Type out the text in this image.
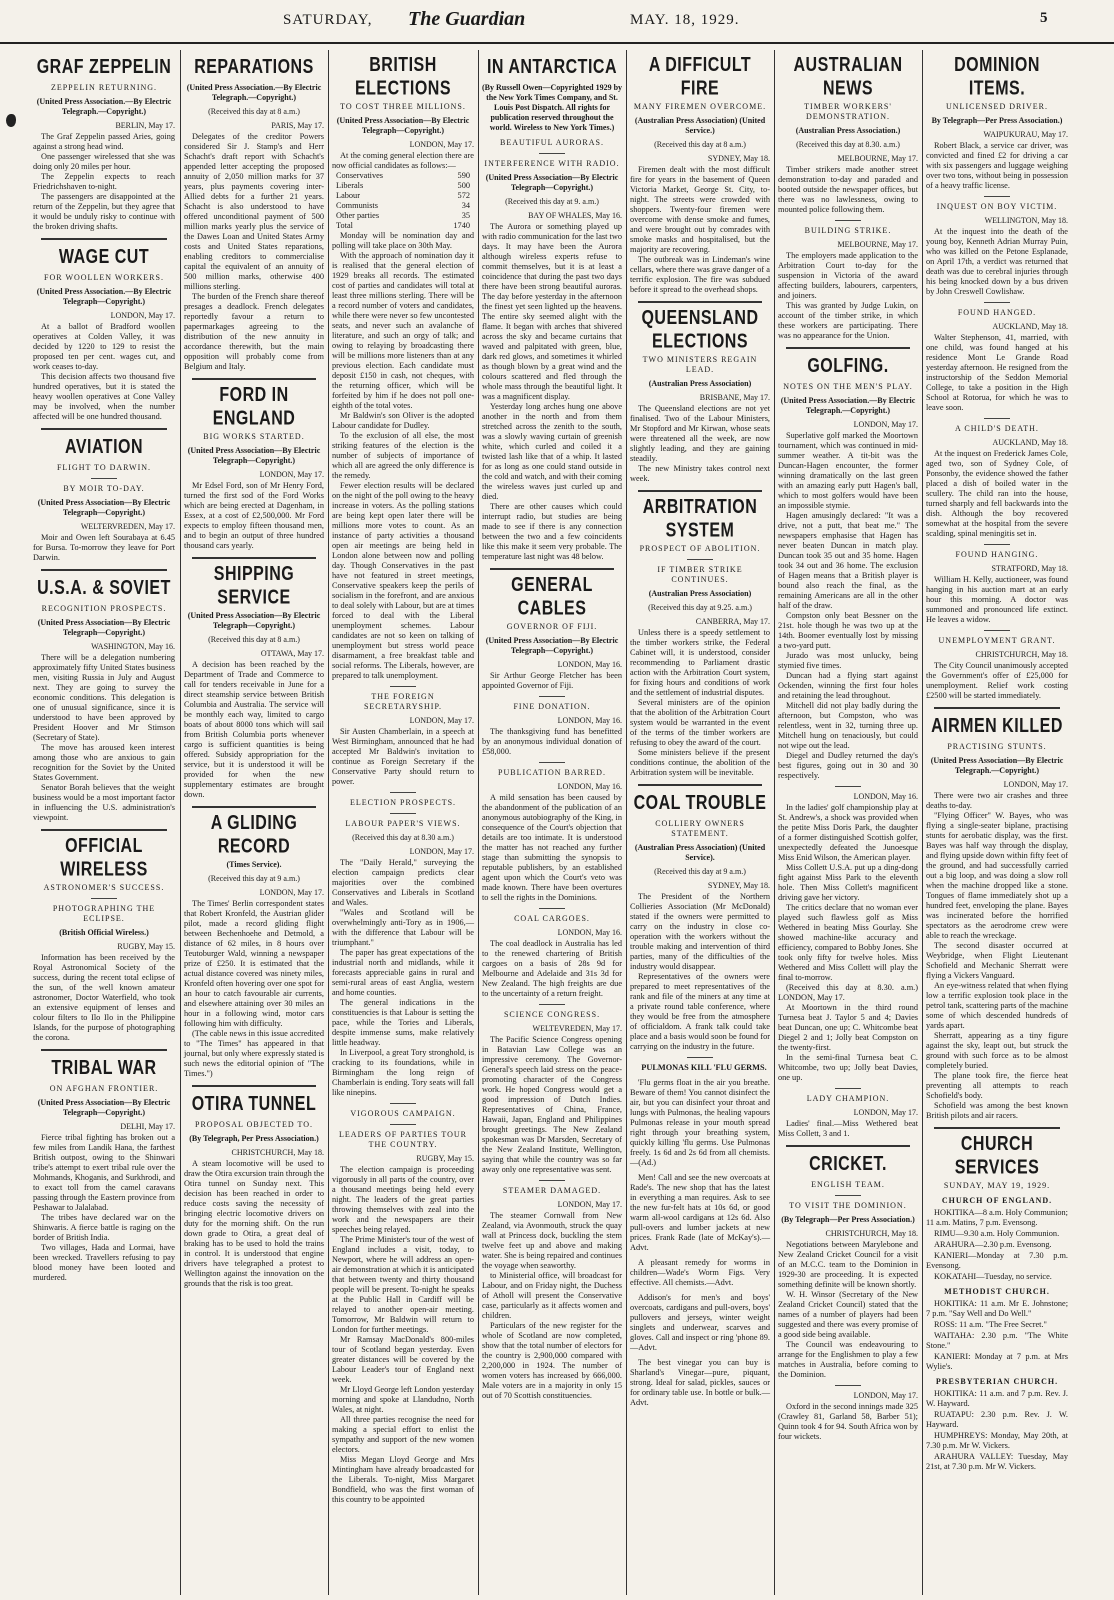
SATURDAY, The Guardian	MAY. 18, 1929.	5
GRAF ZEPPELIN
ZEPPELIN RETURNING.
(United Press Association.—By Electric Telegraph.—Copyright.)
BERLIN, May 17.

The Graf Zeppelin passed Aries, going against a strong head wind.

One passenger wirelessed that she was doing only 20 miles per hour.

The Zeppelin expects to reach Friedrichshaven to-night.

The passengers are disappointed at the return of the Zeppelin, but they agree that it would be unduly risky to continue with the broken driving shafts.

WAGE CUT
FOR WOOLLEN WORKERS.
(United Press Association.—By Electric Telegraph—Copyright.)
LONDON, May 17.

At a ballot of Bradford woollen operatives at Colden Valley, it was decided by 1220 to 129 to resist the proposed ten per cent. wages cut, and work ceases to-day.

This decision affects two thousand five hundred operatives, but it is stated the heavy woollen operatives at Cone Valley may be involved, when the number affected will be one hundred thousand.

AVIATION
FLIGHT TO DARWIN.
BY MOIR TO-DAY.
(United Press Association—By Electric Telegraph—Copyright.)
WELTERVREDEN, May 17.

Moir and Owen left Sourabaya at 6.45 for Bursa. To-morrow they leave for Port Darwin.

U.S.A. & SOVIET
RECOGNITION PROSPECTS.
(United Press Association—By Electric Telegraph—Copyright.)
WASHINGTON, May 16.

There will be a delegation numbering approximately fifty United States business men, visiting Russia in July and August next. They are going to survey the economic conditions. This delegation is one of unusual significance, since it is understood to have been approved by President Hoover and Mr Stimson (Secretary of State).

The move has aroused keen interest among those who are anxious to gain recognition for the Soviet by the United States Government.

Senator Borah believes that the weight business would be a most important factor in influencing the U.S. administration's viewpoint.

OFFICIAL WIRELESS
ASTRONOMER'S SUCCESS.
PHOTOGRAPHING THE ECLIPSE.
(British Official Wireless.)
RUGBY, May 15.

Information has been received by the Royal Astronomical Society of the success, during the recent total eclipse of the sun, of the well known amateur astronomer, Doctor Waterfield, who took an extensive equipment of lenses and colour filters to Ilo Ilo in the Philippine Islands, for the purpose of photographing the corona.

TRIBAL WAR
ON AFGHAN FRONTIER.
(United Press Association—By Electric Telegraph—Copyright.)
DELHI, May 17.

Fierce tribal fighting has broken out a few miles from Landik Hana, the farthest British outpost, owing to the Shinwari tribe's attempt to exert tribal rule over the Mohmands, Khoganis, and Surkhrodi, and to exact toll from the camel caravans passing through the Eastern province from Peshawar to Jalalabad.

The tribes have declared war on the Shinwaris. A fierce battle is raging on the border of British India.

Two villages, Hada and Lormai, have been wrecked. Travellers refusing to pay blood money have been looted and murdered.

REPARATIONS
(United Press Association.—By Electric Telegraph.—Copyright.)
(Received this day at 8 a.m.)
PARIS, May 17.

Delegates of the creditor Powers considered Sir J. Stamp's and Herr Schacht's draft report with Schacht's appended letter accepting the proposed annuity of 2,050 million marks for 37 years, plus payments covering inter-Allied debts for a further 21 years. Schacht is also understood to have offered unconditional payment of 500 million marks yearly plus the service of the Dawes Loan and United States Army costs and United States reparations, enabling creditors to commercialise capital the equivalent of an annuity of 500 million marks, otherwise 400 millions sterling.

The burden of the French share thereof presages a deadlock. French delegates reportedly favour a return to papermarkages agreeing to the distribution of the new annuity in accordance therewith, but the main opposition will probably come from Belgium and Italy.

FORD IN ENGLAND
BIG WORKS STARTED.
(United Press Association—By Electric Telegraph—Copyright.)
LONDON, May 17.

Mr Edsel Ford, son of Mr Henry Ford, turned the first sod of the Ford Works which are being erected at Dagenham, in Essex, at a cost of £2,500,000. Mr Ford expects to employ fifteen thousand men, and to begin an output of three hundred thousand cars yearly.

SHIPPING SERVICE
(United Press Association—By Electric Telegraph—Copyright.)
(Received this day at 8 a.m.)
OTTAWA, May 17.

A decision has been reached by the Department of Trade and Commerce to call for tenders receivable in June for a direct steamship service between British Columbia and Australia. The service will be monthly each way, limited to cargo boats of about 8000 tons which will sail from British Columbia ports whenever cargo is sufficient quantities is being offered. Subsidy appropriation for the service, but it is understood it will be provided for when the new supplementary estimates are brought down.

A GLIDING RECORD
(Times Service).
(Received this day at 9 a.m.)
LONDON, May 17.

The Times' Berlin correspondent states that Robert Kronfeld, the Austrian glider pilot, made a record gliding flight between Bechenhoehe and Detmold, a distance of 62 miles, in 8 hours over Teutoburger Wald, winning a newspaper prize of £250. It is estimated that the actual distance covered was ninety miles, Kronfeld often hovering over one spot for an hour to catch favourable air currents, and elsewhere attaining over 30 miles an hour in a following wind, motor cars following him with difficulty.

(The cable news in this issue accredited to "The Times" has appeared in that journal, but only where expressly stated is such news the editorial opinion of "The Times.")

OTIRA TUNNEL
PROPOSAL OBJECTED TO.
(By Telegraph, Per Press Association.)
CHRISTCHURCH, May 18.

A steam locomotive will be used to draw the Otira excursion train through the Otira tunnel on Sunday next. This decision has been reached in order to reduce costs saving the necessity of bringing electric locomotive drivers on duty for the morning shift. On the run down grade to Otira, a great deal of braking has to be used to hold the trains in control. It is understood that engine drivers have telegraphed a protest to Wellington against the innovation on the grounds that the risk is too great.

BRITISH ELECTIONS
TO COST THREE MILLIONS.
(United Press Association—By Electric Telegraph—Copyright.)
LONDON, May 17.

At the coming general election there are now official candidates as follows:—

Conservatives	590
Liberals	500
Labour	572
Communists	34
Other parties	35
Total	1740

Monday will be nomination day and polling will take place on 30th May.

With the approach of nomination day it is realised that the general election of 1929 breaks all records. The estimated cost of parties and candidates will total at least three millions sterling. There will be a record number of voters and candidates, while there were never so few uncontested seats, and never such an avalanche of literature, and such an orgy of talk; and owing to relaying by broadcasting there will be millions more listeners than at any previous election. Each candidate must deposit £150 in cash, not cheques, with the returning officer, which will be forfeited by him if he does not poll one-eighth of the total votes.

Mr Baldwin's son Oliver is the adopted Labour candidate for Dudley.

To the exclusion of all else, the most striking features of the election is the number of subjects of importance of which all are agreed the only difference is the remedy.

Fewer election results will be declared on the night of the poll owing to the heavy increase in voters. As the polling stations are being kept open later there will be millions more votes to count. As an instance of party activities a thousand open air meetings are being held in London alone between now and polling day. Though Conservatives in the past have not featured in street meetings, Conservative speakers keep the perils of socialism in the forefront, and are anxious to deal solely with Labour, but are at times forced to deal with the Liberal unemployment schemes. Labour candidates are not so keen on talking of unemployment but stress world peace disarmament, a free breakfast table and social reforms. The Liberals, however, are prepared to talk unemployment.

THE FOREIGN SECRETARYSHIP.
LONDON, May 17.

Sir Austen Chamberlain, in a speech at West Birmingham, announced that he had accepted Mr Baldwin's invitation to continue as Foreign Secretary if the Conservative Party should return to power.

ELECTION PROSPECTS.
LABOUR PAPER'S VIEWS.
(Received this day at 8.30 a.m.)
LONDON, May 17.

The "Daily Herald," surveying the election campaign predicts clear majorities over the combined Conservatives and Liberals in Scotland and Wales.

"Wales and Scotland will be overwhelmingly anti-Tory as in 1906,—with the difference that Labour will be triumphant."

The paper has great expectations of the industrial north and midlands, while it forecasts appreciable gains in rural and semi-rural areas of east Anglia, western and home counties.

The general indications in the constituencies is that Labour is setting the pace, while the Tories and Liberals, despite immense sums, make relatively little headway.

In Liverpool, a great Tory stronghold, is cracking to its foundations, while in Birmingham the long reign of Chamberlain is ending. Tory seats will fall like ninepins.

VIGOROUS CAMPAIGN.
LEADERS OF PARTIES TOUR THE COUNTRY.
RUGBY, May 15.

The election campaign is proceeding vigorously in all parts of the country, over a thousand meetings being held every night. The leaders of the great parties throwing themselves with zeal into the work and the newspapers are their speeches being relayed.

The Prime Minister's tour of the west of England includes a visit, today, to Newport, where he will address an open-air demonstration at which it is anticipated that between twenty and thirty thousand people will be present. To-night he speaks at the Public Hall in Cardiff will be relayed to another open-air meeting. Tomorrow, Mr Baldwin will return to London for further meetings.

Mr Ramsay MacDonald's 800-miles tour of Scotland began yesterday. Even greater distances will be covered by the Labour Leader's tour of England next week.

Mr Lloyd George left London yesterday morning and spoke at Llandudno, North Wales, at night.

All three parties recognise the need for making a special effort to enlist the sympathy and support of the new women electors.

Miss Megan Lloyd George and Mrs Mintingham have already broadcasted for the Liberals. To-night, Miss Margaret Bondfield, who was the first woman of this country to be appointed

IN ANTARCTICA
(By Russell Owen—Copyrighted 1929 by the New York Times Company, and St. Louis Post Dispatch. All rights for publication reserved throughout the world. Wireless to New York Times.)
BEAUTIFUL AURORAS.
INTERFERENCE WITH RADIO.
(United Press Association—By Electric Telegraph—Copyright.)
(Received this day at 9. a.m.)
BAY OF WHALES, May 16.

The Aurora or something played up with radio communication for the last two days. It may have been the Aurora although wireless experts refuse to commit themselves, but it is at least a coincidence that during the past two days there have been strong beautiful auroras. The day before yesterday in the afternoon the finest yet seen lighted up the heavens. The entire sky seemed alight with the flame. It began with arches that shivered across the sky and became curtains that waved and palpitated with green, blue, dark red glows, and sometimes it whirled as though blown by a great wind and the colours scattered and fled through the whole mass through the beautiful light. It was a magnificent display.

Yesterday long arches hung one above another in the north and from them stretched across the zenith to the south, was a slowly waving curtain of greenish white, which curled and coiled it a twisted lash like that of a whip. It lasted for as long as one could stand outside in the cold and watch, and with their coming the wireless waves just curled up and died.

There are other causes which could interrupt radio, but studies are being made to see if there is any connection between the two and a few coincidents like this make it seem very probable. The temperature last night was 48 below.

GENERAL CABLES
GOVERNOR OF FIJI.
(United Press Association—By Electric Telegraph—Copyright.)
LONDON, May 16.

Sir Arthur George Fletcher has been appointed Governor of Fiji.

FINE DONATION.
LONDON, May 16.

The thanksgiving fund has benefitted by an anonymous individual donation of £58,000.

PUBLICATION BARRED.
LONDON, May 16.

A mild sensation has been caused by the abandonment of the publication of an anonymous autobiography of the King, in consequence of the Court's objection that details are too intimate. It is understood the matter has not reached any further stage than submitting the synopsis to reputable publishers, by an established agent upon which the Court's veto was made known. There have been overtures to sell the rights in the Dominions.

COAL CARGOES.
LONDON, May 16.

The coal deadlock in Australia has led to the renewed chartering of British cargoes on a basis of 28s 9d for Melbourne and Adelaide and 31s 3d for New Zealand. The high freights are due to the uncertainty of a return freight.

SCIENCE CONGRESS.
WELTEVREDEN, May 17.

The Pacific Science Congress opening in Batavian Law College was an impressive ceremony. The Governor-General's speech laid stress on the peace-promoting character of the Congress work. He hoped Congress would get a good impression of Dutch Indies. Representatives of China, France, Hawaii, Japan, England and Philippines brought greetings. The New Zealand spokesman was Dr Marsden, Secretary of the New Zealand Institute, Wellington, saying that while the country was so far away only one representative was sent.

STEAMER DAMAGED.
LONDON, May 17.

The steamer Cornwall from New Zealand, via Avonmouth, struck the quay wall at Princess dock, buckling the stem twelve feet up and above and making water. She is being repaired and continues the voyage when seaworthy.

to Ministerial office, will broadcast for Labour, and on Friday night, the Duchess of Atholl will present the Conservative case, particularly as it affects women and children.

Particulars of the new register for the whole of Scotland are now completed, show that the total number of electors for the country is 2,900,000 compared with 2,200,000 in 1924. The number of women voters has increased by 666,000. Male voters are in a majority in only 15 out of 70 Scottish constituencies.

A DIFFICULT FIRE
MANY FIREMEN OVERCOME.
(Australian Press Association) (United Service.)
(Received this day at 8 a.m.)
SYDNEY, May 18.

Firemen dealt with the most difficult fire for years in the basement of Queen Victoria Market, George St. City, to-night. The streets were crowded with shoppers. Twenty-four firemen were overcome with dense smoke and fumes, and were brought out by comrades with smoke masks and hospitalised, but the majority are recovering.

The outbreak was in Lindeman's wine cellars, where there was grave danger of a terrific explosion. The fire was subdued before it spread to the overhead shops.

QUEENSLAND ELECTIONS
TWO MINISTERS REGAIN LEAD.
(Australian Press Association)
BRISBANE, May 17.

The Queensland elections are not yet finalised. Two of the Labour Ministers, Mr Stopford and Mr Kirwan, whose seats were threatened all the week, are now slightly leading, and they are gaining steadily.

The new Ministry takes control next week.

ARBITRATION SYSTEM
PROSPECT OF ABOLITION.
IF TIMBER STRIKE CONTINUES.
(Australian Press Association)
(Received this day at 9.25. a.m.)
CANBERRA, May 17.

Unless there is a speedy settlement to the timber workers strike, the Federal Cabinet will, it is understood, consider recommending to Parliament drastic action with the Arbitration Court system, for fixing hours and conditions of work and the settlement of industrial disputes.

Several ministers are of the opinion that the abolition of the Arbitration Court system would be warranted in the event of the terms of the timber workers are refusing to obey the award of the court.

Some ministers believe if the present conditions continue, the abolition of the Arbitration system will be inevitable.

COAL TROUBLE
COLLIERY OWNERS STATEMENT.
(Australian Press Association) (United Service).
(Received this day at 9 a.m.)
SYDNEY, May 18.

The President of the Northern Collieries Association (Mr McDonald) stated if the owners were permitted to carry on the industry in close co-operation with the workers without the trouble making and intervention of third parties, many of the difficulties of the industry would disappear.

Representatives of the owners were prepared to meet representatives of the rank and file of the miners at any time at a private round table conference, where they would be free from the atmosphere of officialdom. A frank talk could take place and a basis would soon be found for carrying on the industry in the future.

PULMONAS KILL 'FLU GERMS.

'Flu germs float in the air you breathe. Beware of them! You cannot disinfect the air, but you can disinfect your throat and lungs with Pulmonas, the healing vapours Pulmonas release in your mouth spread right through your breathing system, quickly killing 'flu germs. Use Pulmonas freely. 1s 6d and 2s 6d from all chemists.—(Ad.)

Men! Call and see the new overcoats at Rade's. The new shop that has the latest in everything a man requires. Ask to see the new fur-felt hats at 10s 6d, or good warm all-wool cardigans at 12s 6d. Also pull-overs and lumber jackets at new prices. Frank Rade (late of McKay's).—Advt.

A pleasant remedy for worms in children—Wade's Worm Figs. Very effective. All chemists.—Advt.

Addison's for men's and boys' overcoats, cardigans and pull-overs, boys' pullovers and jerseys, winter weight singlets and underwear, scarves and gloves. Call and inspect or ring 'phone 89.—Advt.

The best vinegar you can buy is Sharland's Vinegar—pure, piquant, strong. Ideal for salad, pickles, sauces or for ordinary table use. In bottle or bulk.—Advt.

AUSTRALIAN NEWS
TIMBER WORKERS' DEMONSTRATION.
(Australian Press Association.)
(Received this day at 8.30. a.m.)
MELBOURNE, May 17.

Timber strikers made another street demonstration to-day and paraded and booted outside the newspaper offices, but there was no lawlessness, owing to mounted police following them.

BUILDING STRIKE.
MELBOURNE, May 17.

The employers made application to the Arbitration Court to-day for the suspension in Victoria of the award affecting builders, labourers, carpenters, and joiners.

This was granted by Judge Lukin, on account of the timber strike, in which these workers are participating. There was no appearance for the Union.

GOLFING.
NOTES ON THE MEN'S PLAY.
(United Press Association.—By Electric Telegraph.—Copyright.)
LONDON, May 17.

Superlative golf marked the Moortown tournament, which was continued in mid-summer weather. A tit-bit was the Duncan-Hagen encounter, the former winning dramatically on the last green with an amazing early putt Hagen's ball, which to most golfers would have been an impossible stymie.

Hagen amusingly declared: "It was a drive, not a putt, that beat me." The newspapers emphasise that Hagen has never beaten Duncan in match play. Duncan took 35 out and 35 home. Hagen took 34 out and 36 home. The exclusion of Hagen means that a British player is bound also reach the final, as the remaining Americans are all in the other half of the draw.

Compston only beat Bessner on the 21st. hole though he was two up at the 14th. Boomer eventually lost by missing a two-yard putt.

Jurado was most unlucky, being stymied five times.

Duncan had a flying start against Ockenden, winning the first four holes and retaining the lead throughout.

Mitchell did not play badly during the afternoon, but Compston, who was relentless, went in 32, turning three up. Mitchell hung on tenaciously, but could not wipe out the lead.

Diegel and Dudley returned the day's best figures, going out in 30 and 30 respectively.

LONDON, May 16.

In the ladies' golf championship play at St. Andrew's, a shock was provided when the petite Miss Doris Park, the daughter of a former distinguished Scottish golfer, unexpectedly defeated the Junoesque Miss Enid Wilson, the American player.

Miss Collett U.S.A. put up a ding-dong fight against Miss Park to the eleventh hole. Then Miss Collett's magnificent driving gave her victory.

The critics declare that no woman ever played such flawless golf as Miss Wethered in beating Miss Gourlay. She showed machine-like accuracy and efficiency, compared to Bobby Jones. She took only fifty for twelve holes. Miss Wethered and Miss Collett will play the final to-morrow.

(Received this day at 8.30. a.m.) LONDON, May 17.

At Moortown in the third round Turnesa beat J. Taylor 5 and 4; Davies beat Duncan, one up; C. Whitcombe beat Diegel 2 and 1; Jolly beat Compston on the twenty-first.

In the semi-final Turnesa beat C. Whitcombe, two up; Jolly beat Davies, one up.

LADY CHAMPION.
LONDON, May 17.

Ladies' final.—Miss Wethered beat Miss Collett, 3 and 1.

CRICKET.
ENGLISH TEAM.
TO VISIT THE DOMINION.
(By Telegraph—Per Press Association.)
CHRISTCHURCH, May 18.

Negotiations between Marylebone and New Zealand Cricket Council for a visit of an M.C.C. team to the Dominion in 1929-30 are proceeding. It is expected something definite will be known shortly.

W. H. Winsor (Secretary of the New Zealand Cricket Council) stated that the names of a number of players had been suggested and there was every promise of a good side being available.

The Council was endeavouring to arrange for the Englishmen to play a few matches in Australia, before coming to the Dominion.

LONDON, May 17.

Oxford in the second innings made 325 (Crawley 81, Garland 58, Barber 51); Quinn took 4 for 94. South Africa won by four wickets.

DOMINION ITEMS.
UNLICENSED DRIVER.
By Telegraph—Per Press Association.)
WAIPUKURAU, May 17.

Robert Black, a service car driver, was convicted and fined £2 for driving a car with six passengers and luggage weighing over two tons, without being in possession of a heavy traffic license.

INQUEST ON BOY VICTIM.
WELLINGTON, May 18.

At the inquest into the death of the young boy, Kenneth Adrian Murray Puin, who was killed on the Petone Esplanade, on April 17th, a verdict was returned that death was due to cerebral injuries through his being knocked down by a bus driven by John Creswell Cowlishaw.

FOUND HANGED.
AUCKLAND, May 18.

Walter Stephenson, 41, married, with one child, was found hanged at his residence Mont Le Grande Road yesterday afternoon. He resigned from the instructorship of the Seddon Memorial College, to take a position in the High School at Rotorua, for which he was to leave soon.

A CHILD'S DEATH.
AUCKLAND, May 18.

At the inquest on Frederick James Cole, aged two, son of Sydney Cole, of Ponsonby, the evidence showed the father placed a dish of boiled water in the scullery. The child ran into the house, turned sharply and fell backwards into the dish. Although the boy recovered somewhat at the hospital from the severe scalding, spinal meningitis set in.

FOUND HANGING.
STRATFORD, May 18.

William H. Kelly, auctioneer, was found hanging in his auction mart at an early hour this morning. A doctor was summoned and pronounced life extinct. He leaves a widow.

UNEMPLOYMENT GRANT.
CHRISTCHURCH, May 18.

The City Council unanimously accepted the Government's offer of £25,000 for unemployment. Relief work costing £2500 will be started immediately.

AIRMEN KILLED
PRACTISING STUNTS.
(United Press Association—By Electric Telegraph.—Copyright.)
LONDON, May 17.

There were two air crashes and three deaths to-day.

"Flying Officer" W. Bayes, who was flying a single-seater biplane, practising stunts for aerobatic display, was the first. Bayes was half way through the display, and flying upside down within fifty feet of the ground, and had successfully carried out a big loop, and was doing a slow roll when the machine dropped like a stone. Tongues of flame immediately shot up a hundred feet, enveloping the plane. Bayes was incinerated before the horrified spectators as the aerodrome crew were able to reach the wreckage.

The second disaster occurred at Weybridge, when Flight Lieutenant Schofield and Mechanic Sherratt were flying a Vickers Vanguard.

An eye-witness related that when flying low a terrific explosion took place in the petrol tank, scattering parts of the machine some of which descended hundreds of yards apart.

Sherratt, appearing as a tiny figure against the sky, leapt out, but struck the ground with such force as to be almost completely buried.

The plane took fire, the fierce heat preventing all attempts to reach Schofield's body.

Schofield was among the best known British pilots and air racers.

CHURCH SERVICES
SUNDAY, MAY 19, 1929.
CHURCH OF ENGLAND.

HOKITIKA—8 a.m. Holy Communion; 11 a.m. Matins, 7 p.m. Evensong.

RIMU—9.30 a.m. Holy Communion.

ARAHURA—2.30 p.m. Evensong.

KANIERI—Monday at 7.30 p.m. Evensong.

KOKATAHI—Tuesday, no service.

METHODIST CHURCH.

HOKITIKA: 11 a.m. Mr E. Johnstone; 7 p.m. "Say Well and Do Well."

ROSS: 11 a.m. "The Free Secret."

WAITAHA: 2.30 p.m. "The White Stone."

KANIERI: Monday at 7 p.m. at Mrs Wylie's.

PRESBYTERIAN CHURCH.

HOKITIKA: 11 a.m. and 7 p.m. Rev. J. W. Hayward.

RUATAPU: 2.30 p.m. Rev. J. W. Hayward.

HUMPHREYS: Monday, May 20th, at 7.30 p.m. Mr W. Vickers.

ARAHURA VALLEY: Tuesday, May 21st, at 7.30 p.m. Mr W. Vickers.
